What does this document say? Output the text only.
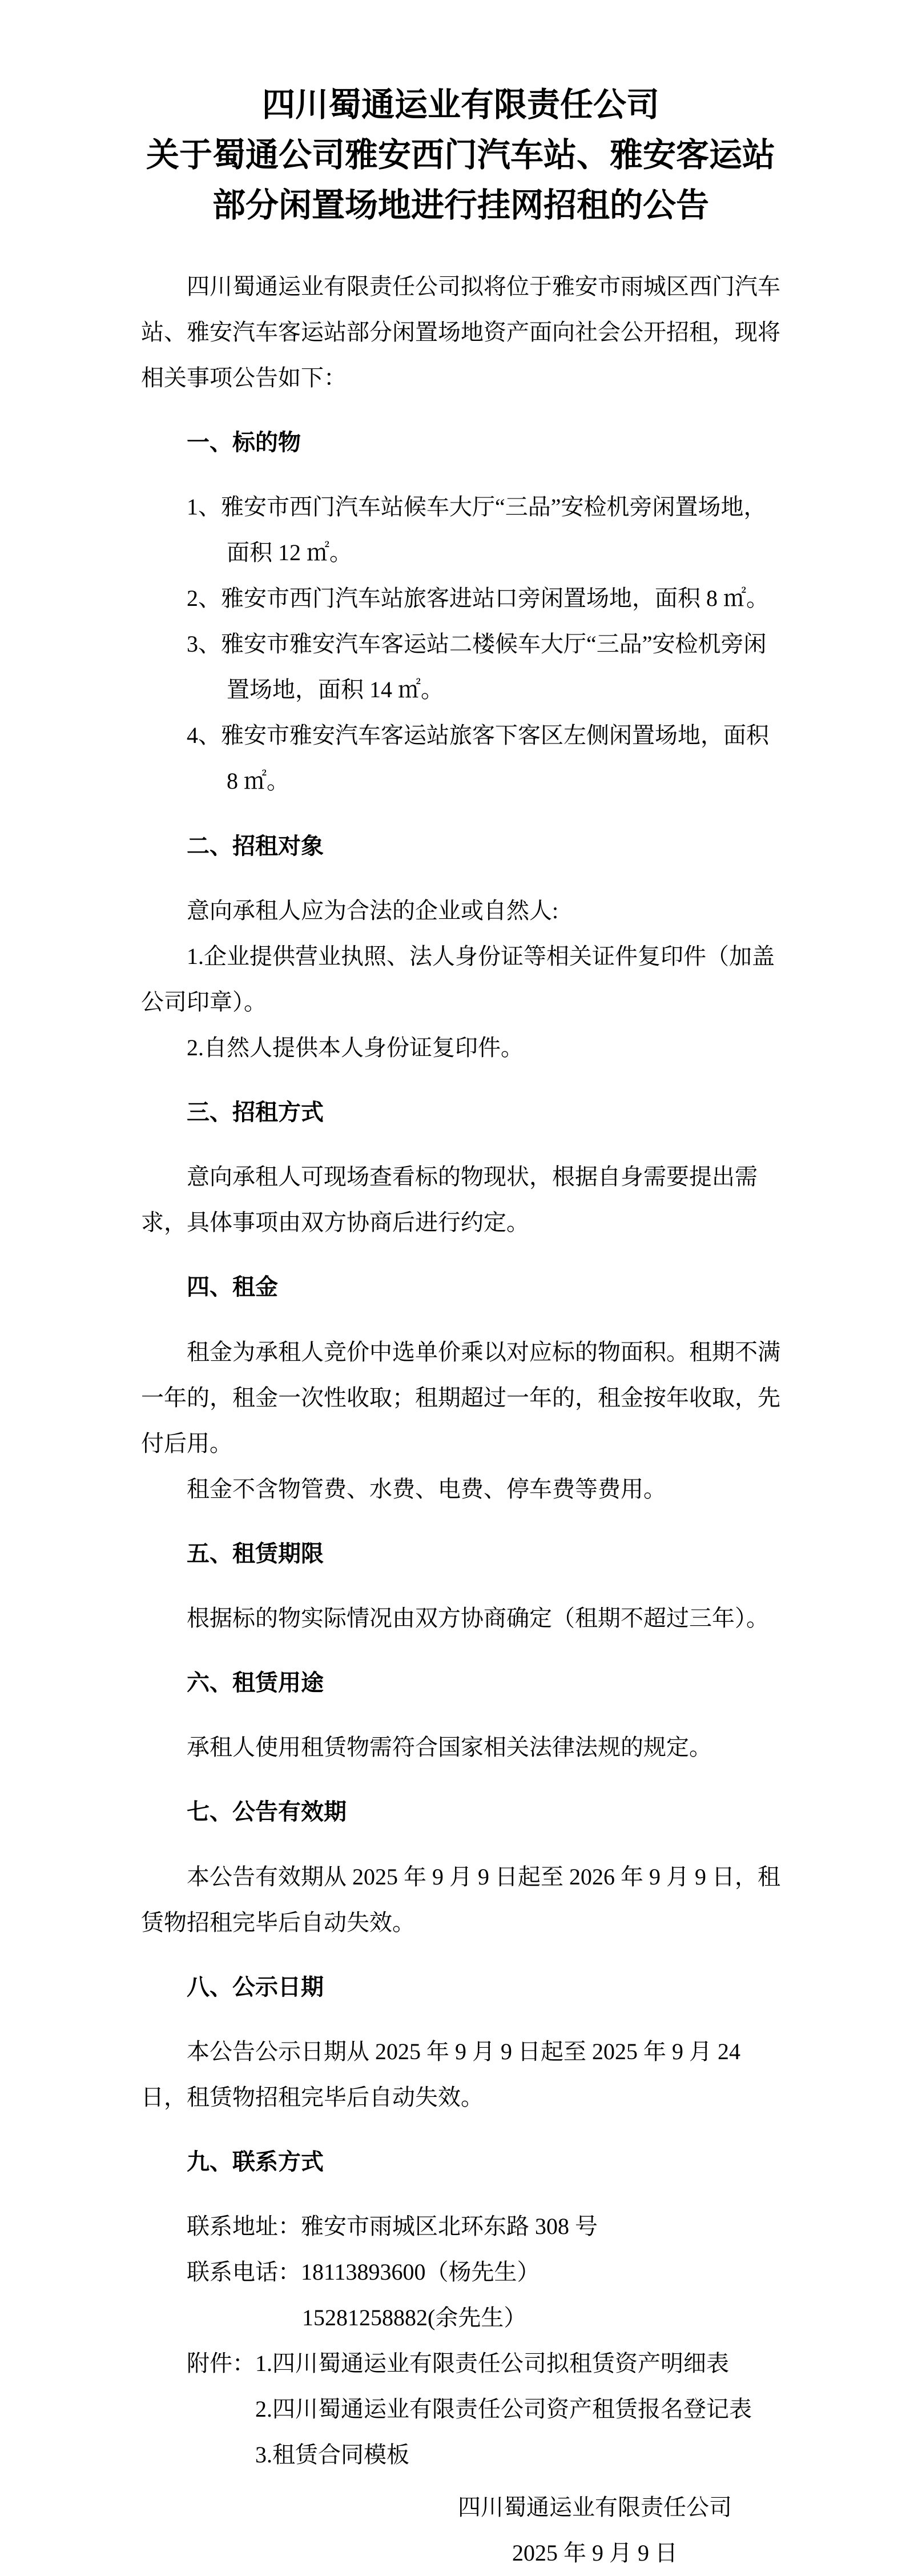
四川蜀通运业有限责任公司
关于蜀通公司雅安西门汽车站、雅安客运站
部分闲置场地进行挂网招租的公告

四川蜀通运业有限责任公司拟将位于雅安市雨城区西门汽车站、雅安汽车客运站部分闲置场地资产面向社会公开招租，现将相关事项公告如下：

一、标的物

1、雅安市西门汽车站候车大厅“三品”安检机旁闲置场地，面积 12 ㎡。

2、雅安市西门汽车站旅客进站口旁闲置场地，面积 8 ㎡。

3、雅安市雅安汽车客运站二楼候车大厅“三品”安检机旁闲置场地，面积 14 ㎡。

4、雅安市雅安汽车客运站旅客下客区左侧闲置场地，面积 8 ㎡。

二、招租对象

意向承租人应为合法的企业或自然人:

1.企业提供营业执照、法人身份证等相关证件复印件（加盖公司印章）。

2.自然人提供本人身份证复印件。

三、招租方式

意向承租人可现场查看标的物现状，根据自身需要提出需求，具体事项由双方协商后进行约定。

四、租金

租金为承租人竞价中选单价乘以对应标的物面积。租期不满一年的，租金一次性收取；租期超过一年的，租金按年收取，先付后用。

租金不含物管费、水费、电费、停车费等费用。

五、租赁期限

根据标的物实际情况由双方协商确定（租期不超过三年）。

六、租赁用途

承租人使用租赁物需符合国家相关法律法规的规定。

七、公告有效期

本公告有效期从 2025 年 9 月 9 日起至 2026 年 9 月 9 日，租赁物招租完毕后自动失效。

八、公示日期

本公告公示日期从 2025 年 9 月 9 日起至 2025 年 9 月 24 日，租赁物招租完毕后自动失效。

九、联系方式

联系地址：雅安市雨城区北环东路 308 号

联系电话：18113893600（杨先生）

15281258882(余先生）

附件：1.四川蜀通运业有限责任公司拟租赁资产明细表

2.四川蜀通运业有限责任公司资产租赁报名登记表

3.租赁合同模板

四川蜀通运业有限责任公司

2025 年 9 月 9 日
